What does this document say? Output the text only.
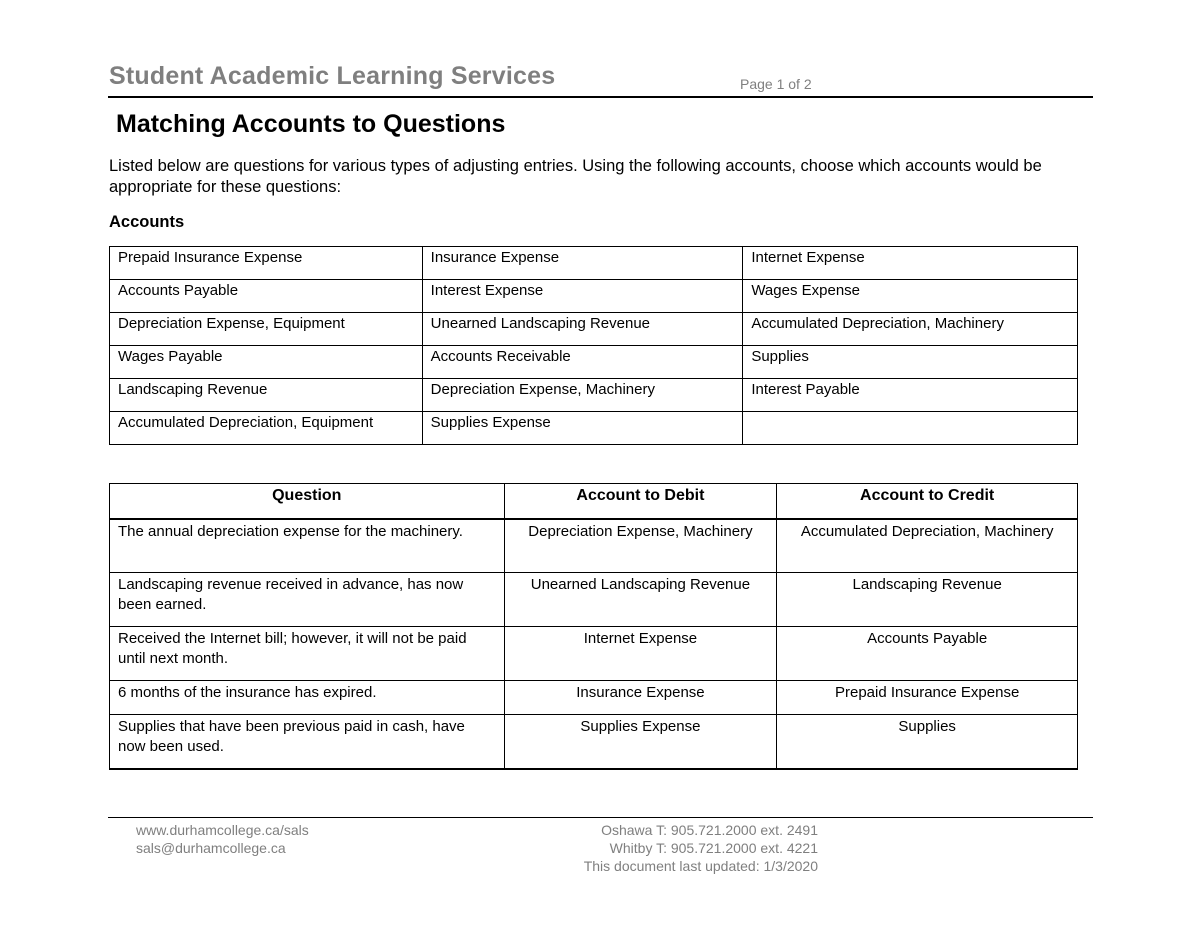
Student Academic Learning Services	Page 1 of 2
Matching Accounts to Questions
Listed below are questions for various types of adjusting entries. Using the following accounts, choose which accounts would be appropriate for these questions:
Accounts
Prepaid Insurance Expense	Insurance Expense	Internet Expense
Accounts Payable	Interest Expense	Wages Expense
Depreciation Expense, Equipment	Unearned Landscaping Revenue	Accumulated Depreciation, Machinery
Wages Payable	Accounts Receivable	Supplies
Landscaping Revenue	Depreciation Expense, Machinery	Interest Payable
Accumulated Depreciation, Equipment	Supplies Expense	
Question	Account to Debit	Account to Credit
The annual depreciation expense for the machinery.	Depreciation Expense, Machinery	Accumulated Depreciation, Machinery
Landscaping revenue received in advance, has now been earned.	Unearned Landscaping Revenue	Landscaping Revenue
Received the Internet bill; however, it will not be paid until next month.	Internet Expense	Accounts Payable
6 months of the insurance has expired.	Insurance Expense	Prepaid Insurance Expense
Supplies that have been previous paid in cash, have now been used.	Supplies Expense	Supplies
www.durhamcollege.ca/sals
sals@durhamcollege.ca
Oshawa T: 905.721.2000 ext. 2491
Whitby T: 905.721.2000 ext. 4221
This document last updated: 1/3/2020
